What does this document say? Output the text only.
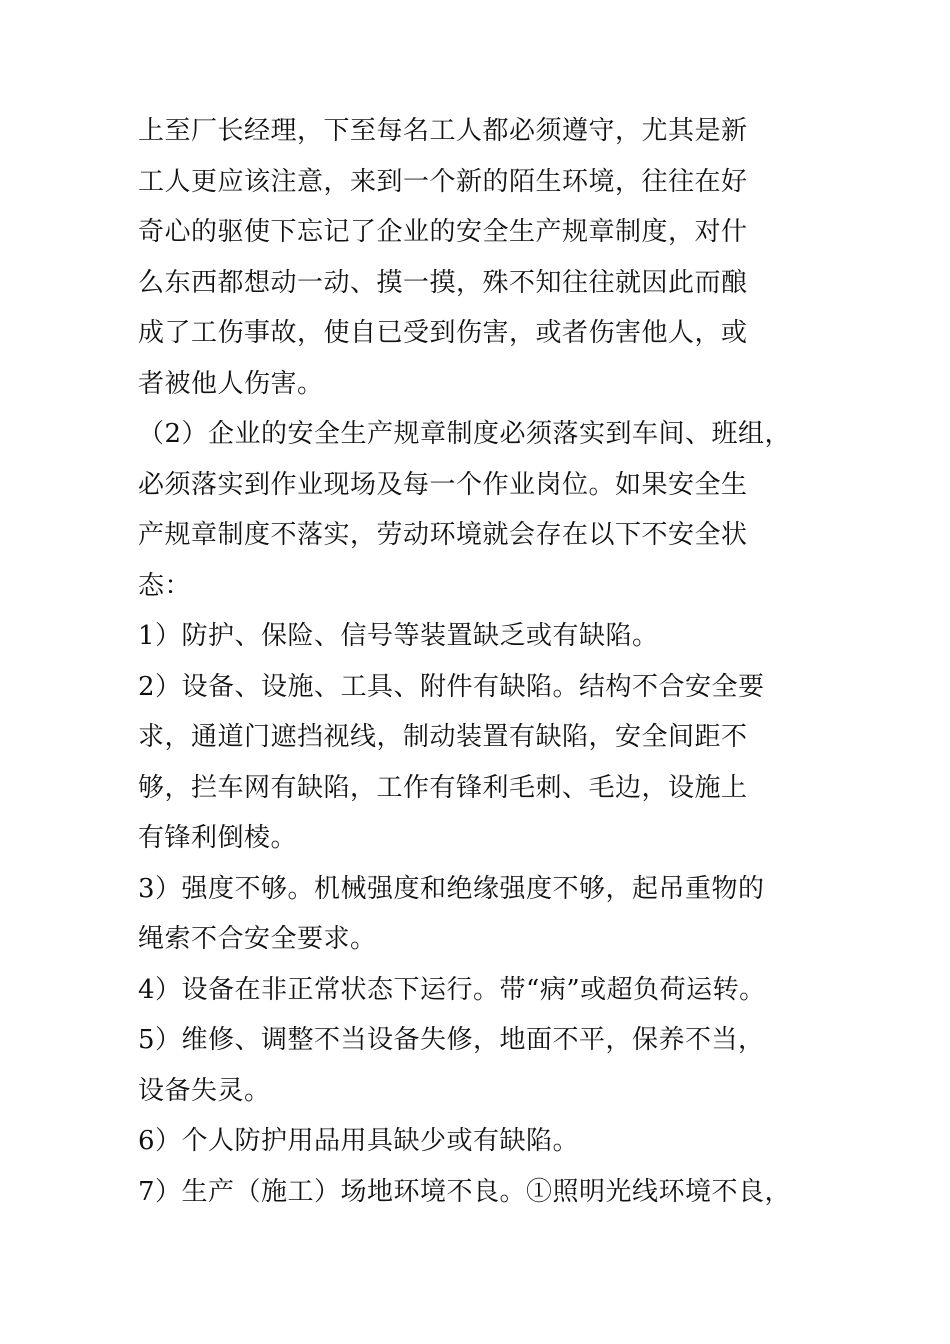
上至厂长经理，下至每名工人都必须遵守，尤其是新
工人更应该注意，来到一个新的陌生环境，往往在好
奇心的驱使下忘记了企业的安全生产规章制度，对什
么东西都想动一动、摸一摸，殊不知往往就因此而酿
成了工伤事故，使自已受到伤害，或者伤害他人，或
者被他人伤害。
（2）企业的安全生产规章制度必须落实到车间、班组，
必须落实到作业现场及每一个作业岗位。如果安全生
产规章制度不落实，劳动环境就会存在以下不安全状
态：
1）防护、保险、信号等装置缺乏或有缺陷。
2）设备、设施、工具、附件有缺陷。结构不合安全要
求，通道门遮挡视线，制动装置有缺陷，安全间距不
够，拦车网有缺陷，工作有锋利毛刺、毛边，设施上
有锋利倒棱。
3）强度不够。机械强度和绝缘强度不够，起吊重物的
绳索不合安全要求。
4）设备在非正常状态下运行。带“病”或超负荷运转。
5）维修、调整不当设备失修，地面不平，保养不当，
设备失灵。
6）个人防护用品用具缺少或有缺陷。
7）生产（施工）场地环境不良。①照明光线环境不良，
